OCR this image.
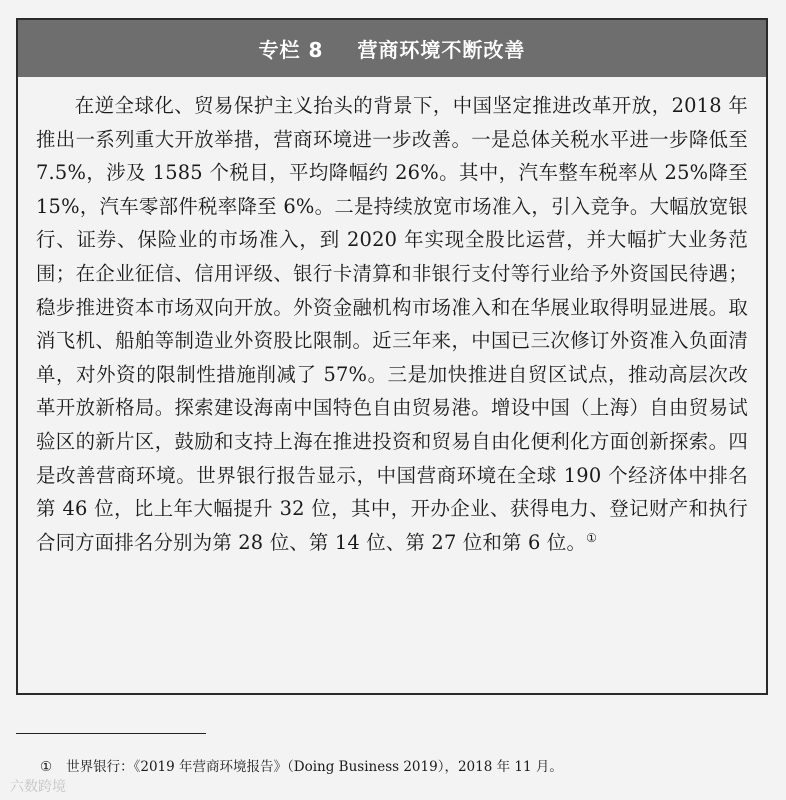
专栏 8 营商环境不断改善
在逆全球化、贸易保护主义抬头的背景下，中国坚定推进改革开放，2018 年推出一系列重大开放举措，营商环境进一步改善。一是总体关税水平进一步降低至 7.5%，涉及 1585 个税目，平均降幅约 26%。其中，汽车整车税率从 25%降至 15%，汽车零部件税率降至 6%。二是持续放宽市场准入，引入竞争。大幅放宽银行、证券、保险业的市场准入，到 2020 年实现全股比运营，并大幅扩大业务范围；在企业征信、信用评级、银行卡清算和非银行支付等行业给予外资国民待遇；稳步推进资本市场双向开放。外资金融机构市场准入和在华展业取得明显进展。取消飞机、船舶等制造业外资股比限制。近三年来，中国已三次修订外资准入负面清单，对外资的限制性措施削减了 57%。三是加快推进自贸区试点，推动高层次改革开放新格局。探索建设海南中国特色自由贸易港。增设中国（上海）自由贸易试验区的新片区，鼓励和支持上海在推进投资和贸易自由化便利化方面创新探索。四是改善营商环境。世界银行报告显示，中国营商环境在全球 190 个经济体中排名第 46 位，比上年大幅提升 32 位，其中，开办企业、获得电力、登记财产和执行合同方面排名分别为第 28 位、第 14 位、第 27 位和第 6 位。①
① 世界银行：《2019 年营商环境报告》（Doing Business 2019），2018 年 11 月。
六数跨境
